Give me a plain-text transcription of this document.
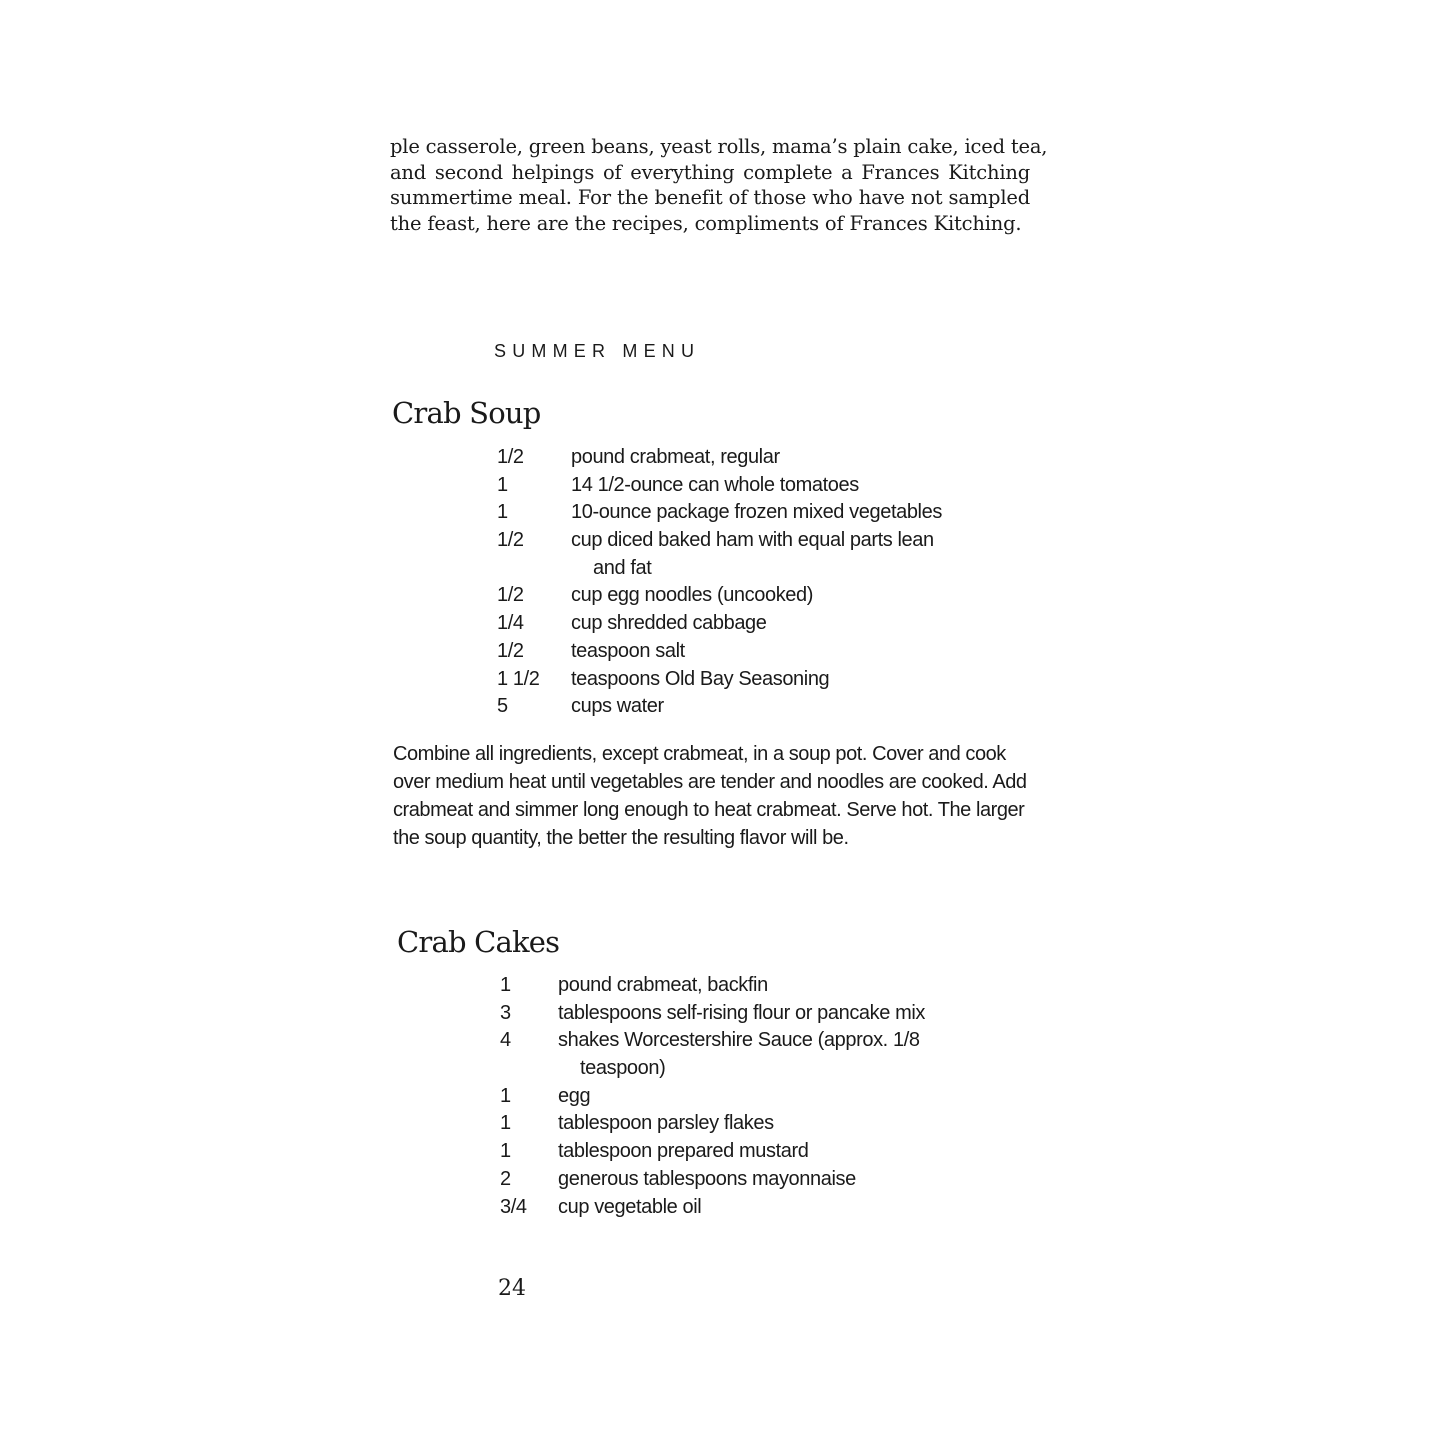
ple casserole, green beans, yeast rolls, mama’s plain cake, iced tea,
and second helpings of everything complete a Frances Kitching
summertime meal. For the benefit of those who have not sampled
the feast, here are the recipes, compliments of Frances Kitching.
SUMMER MENU
Crab Soup
1/2	pound crabmeat, regular
1	14 1/2-ounce can whole tomatoes
1	10-ounce package frozen mixed vegetables
1/2	cup diced baked ham with equal parts lean
and fat
1/2	cup egg noodles (uncooked)
1/4	cup shredded cabbage
1/2	teaspoon salt
1 1/2	teaspoons Old Bay Seasoning
5	cups water

Combine all ingredients, except crabmeat, in a soup pot. Cover and cook over medium heat until vegetables are tender and noodles are cooked. Add crabmeat and simmer long enough to heat crabmeat. Serve hot. The larger the soup quantity, the better the resulting flavor will be.

Crab Cakes
1	pound crabmeat, backfin
3	tablespoons self-rising flour or pancake mix
4	shakes Worcestershire Sauce (approx. 1/8
teaspoon)
1	egg
1	tablespoon parsley flakes
1	tablespoon prepared mustard
2	generous tablespoons mayonnaise
3/4	cup vegetable oil
24
